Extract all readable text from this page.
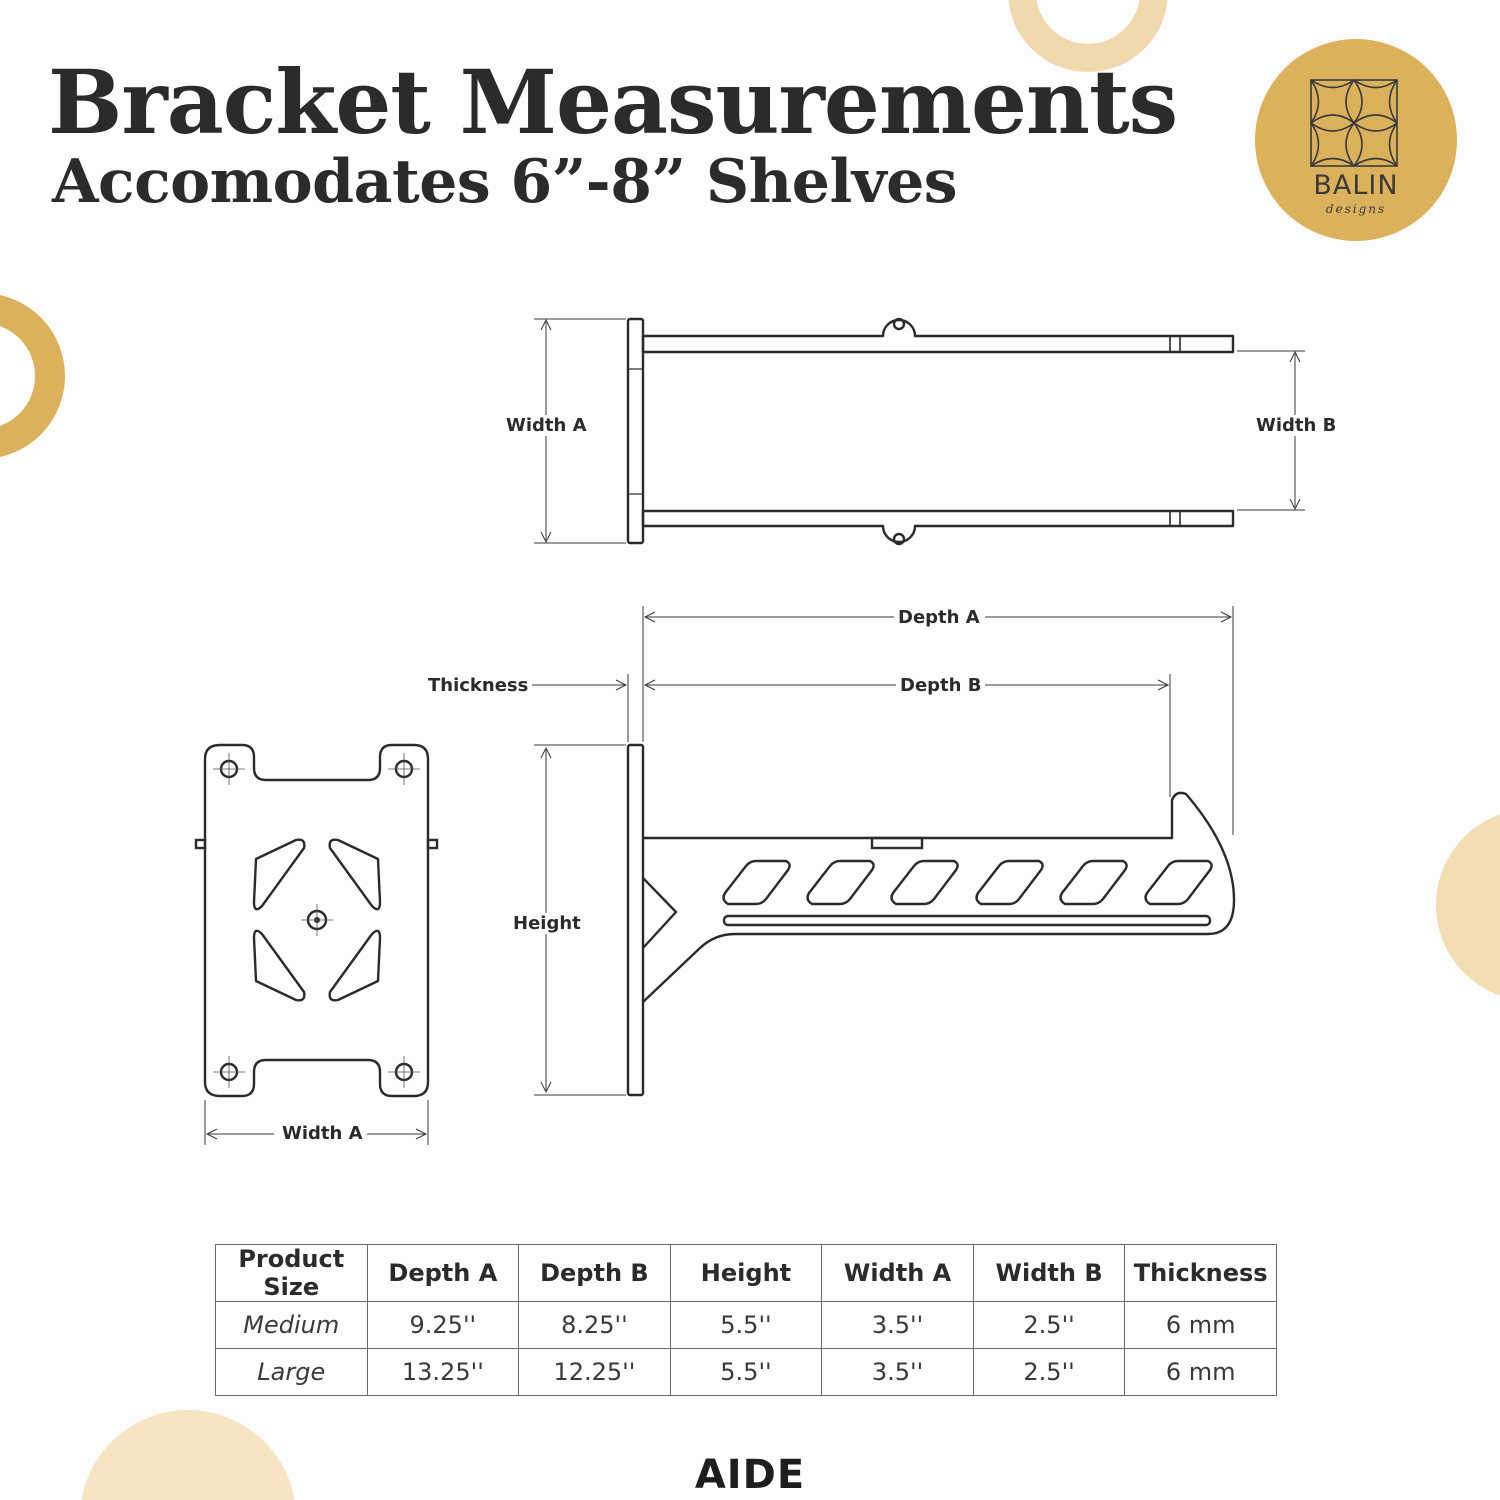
Bracket Measurements
Accomodates 6”-8” Shelves	BALIN
designs
Width A	Width B
Depth A
Depth B
Thickness
Height
Width A
Product Size	Depth A	Depth B	Height	Width A	Width B	Thickness
Medium	9.25''	8.25''	5.5''	3.5''	2.5''	6 mm
Large	13.25''	12.25''	5.5''	3.5''	2.5''	6 mm
AIDE
